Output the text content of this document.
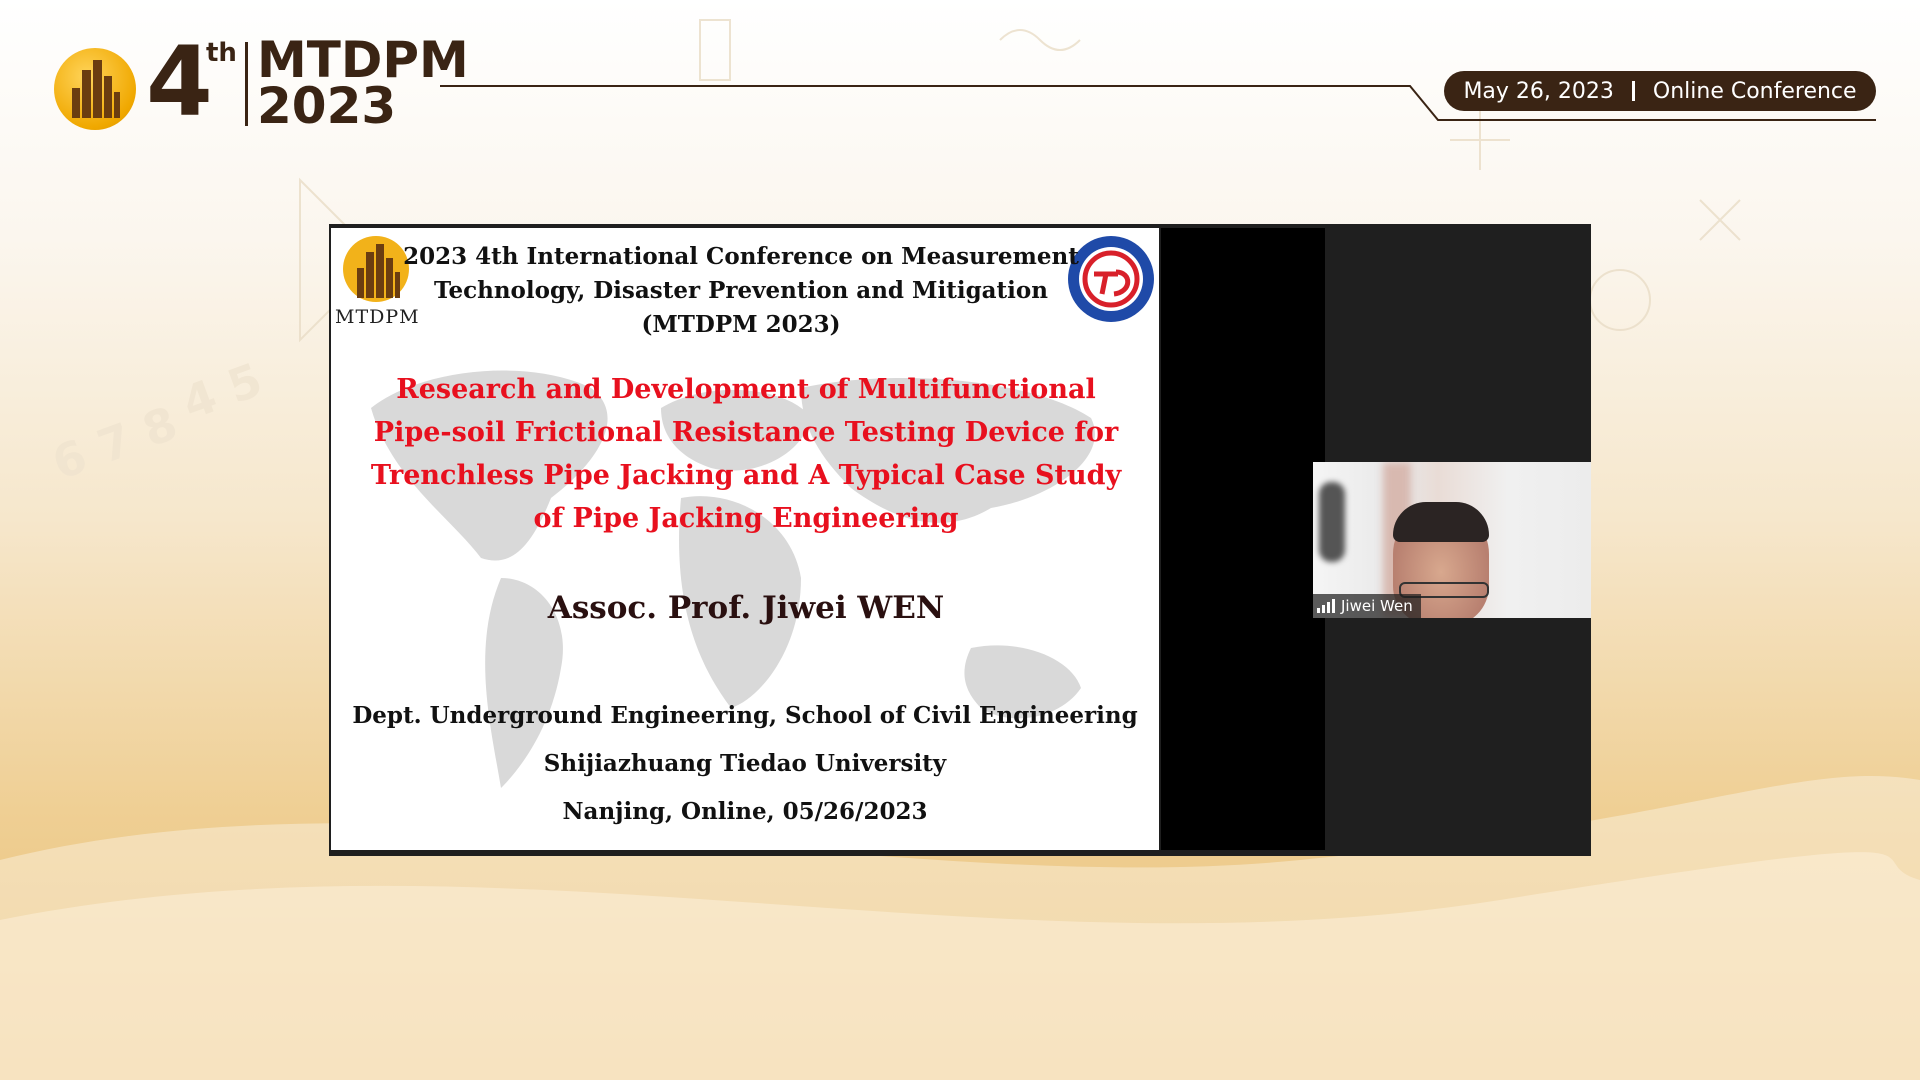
6 7 8
4 5
4
th MTDPM
2023	May 26, 2023 Online Conference
MTDPM
2023 4th International Conference on Measurement
Technology, Disaster Prevention and Mitigation
(MTDPM 2023)
Research and Development of Multifunctional
Pipe-soil Frictional Resistance Testing Device for
Trenchless Pipe Jacking and A Typical Case Study
of Pipe Jacking Engineering
Assoc. Prof. Jiwei WEN
Dept. Underground Engineering, School of Civil Engineering
Shijiazhuang Tiedao University
Nanjing, Online, 05/26/2023
Jiwei Wen
